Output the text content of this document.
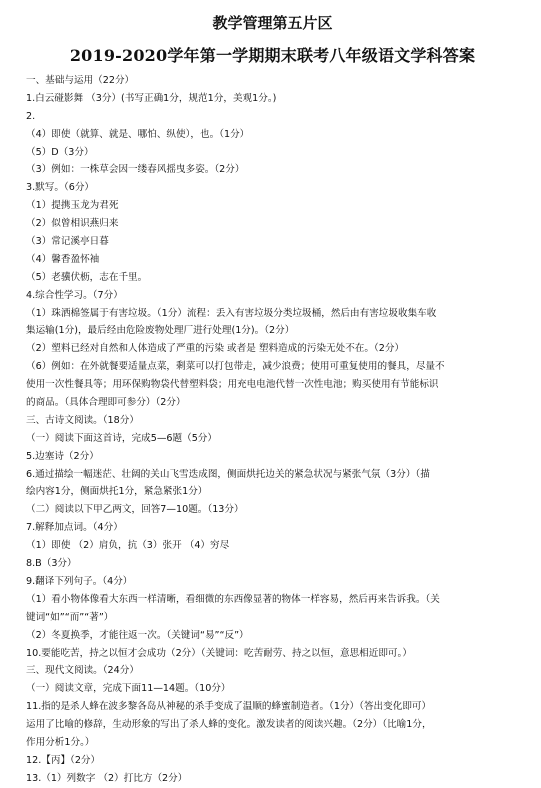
教学管理第五片区
2019-2020学年第一学期期末联考八年级语文学科答案
一、基础与运用（22分）
1.白云碰影舞 （3分）(书写正确1分，规范1分，美观1分。)
2.
（4）即使（就算、就是、哪怕、纵使），也。（1分）
（5）D（3分）
（3）例如：一株草会因一缕春风摇曳多姿。（2分）
3.默写。（6分）
（1）提携玉龙为君死
（2）似曾相识燕归来
（3）常记溪亭日暮
（4）馨香盈怀袖
（5）老骥伏枥，志在千里。
4.综合性学习。（7分）
（1）珠洒棉签属于有害垃圾。（1分）流程：丢入有害垃圾分类垃圾桶，然后由有害垃圾收集车收
集运输(1分)，最后经由危险废物处理厂进行处理(1分)。（2分）
（2）塑料已经对自然和人体造成了严重的污染 或者是 塑料造成的污染无处不在。（2分）
（6）例如：在外就餐要适量点菜，剩菜可以打包带走，减少浪费；使用可重复使用的餐具，尽量不
使用一次性餐具等；用环保购物袋代替塑料袋；用充电电池代替一次性电池；购买使用有节能标识
的商品。（具体合理即可参分）（2分）
三、古诗文阅读。（18分）
（一）阅读下面这首诗，完成5—6题（5分）
5.边塞诗（2分）
6.通过描绘一幅迷茫、壮阔的关山飞雪迭成图，侧面烘托边关的紧急状况与紧张气氛（3分）（描
绘内容1分，侧面烘托1分，紧急紧张1分）
（二）阅读以下甲乙两文，回答7—10题。（13分）
7.解释加点词。（4分）
（1）即使 （2）肩负，抗（3）张开 （4）穷尽
8.B（3分）
9.翻译下列句子。（4分）
（1）看小物体像看大东西一样清晰，看细微的东西像显著的物体一样容易，然后再来告诉我。（关
键词“如”“而”“著”）
（2）冬夏换季，才能往返一次。（关键词“易”“反”）
10.要能吃苦，持之以恒才会成功（2分）（关键词：吃苦耐劳、持之以恒，意思相近即可。）
三、现代文阅读。（24分）
（一）阅读文章，完成下面11—14题。（10分）
11.指的是杀人蜂在波多黎各岛从神秘的杀手变成了温顺的蜂蜜制造者。（1分）（答出变化即可）
运用了比喻的修辞，生动形象的写出了杀人蜂的变化。激发读者的阅读兴趣。（2分）（比喻1分，
作用分析1分。）
12.【丙】（2分）
13.（1）列数字 （2）打比方（2分）
